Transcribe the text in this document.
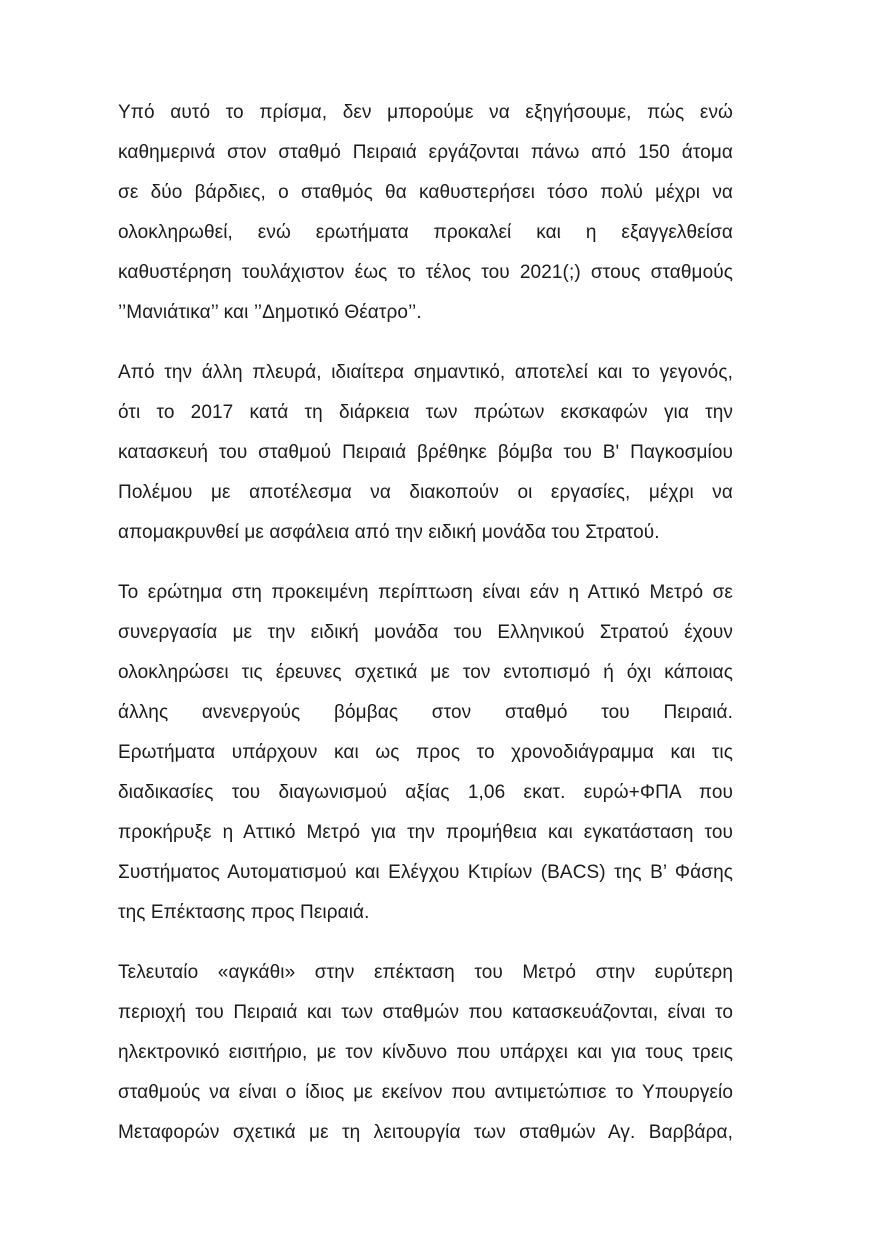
Υπό αυτό το πρίσμα, δεν μπορούμε να εξηγήσουμε, πώς ενώ
καθημερινά στον σταθμό Πειραιά εργάζονται πάνω από 150 άτομα
σε δύο βάρδιες, ο σταθμός θα καθυστερήσει τόσο πολύ μέχρι να
ολοκληρωθεί, ενώ ερωτήματα προκαλεί και η εξαγγελθείσα
καθυστέρηση τουλάχιστον έως το τέλος του 2021(;) στους σταθμούς
’’Μανιάτικα’’ και ’’Δημοτικό Θέατρο’’.
Από την άλλη πλευρά, ιδιαίτερα σημαντικό, αποτελεί και το γεγονός,
ότι το 2017 κατά τη διάρκεια των πρώτων εκσκαφών για την
κατασκευή του σταθμού Πειραιά βρέθηκε βόμβα του Β' Παγκοσμίου
Πολέμου με αποτέλεσμα να διακοπούν οι εργασίες, μέχρι να
απομακρυνθεί με ασφάλεια από την ειδική μονάδα του Στρατού.
Το ερώτημα στη προκειμένη περίπτωση είναι εάν η Αττικό Μετρό σε
συνεργασία με την ειδική μονάδα του Ελληνικού Στρατού έχουν
ολοκληρώσει τις έρευνες σχετικά με τον εντοπισμό ή όχι κάποιας
άλλης ανενεργούς βόμβας στον σταθμό του Πειραιά.
Ερωτήματα υπάρχουν και ως προς το χρονοδιάγραμμα και τις
διαδικασίες του διαγωνισμού αξίας 1,06 εκατ. ευρώ+ΦΠΑ που
προκήρυξε η Αττικό Μετρό για την προμήθεια και εγκατάσταση του
Συστήματος Αυτοματισμού και Ελέγχου Κτιρίων (BACS) της Β’ Φάσης
της Επέκτασης προς Πειραιά.
Τελευταίο «αγκάθι» στην επέκταση του Μετρό στην ευρύτερη
περιοχή του Πειραιά και των σταθμών που κατασκευάζονται, είναι το
ηλεκτρονικό εισιτήριο, με τον κίνδυνο που υπάρχει και για τους τρεις
σταθμούς να είναι ο ίδιος με εκείνον που αντιμετώπισε το Υπουργείο
Μεταφορών σχετικά με τη λειτουργία των σταθμών Αγ. Βαρβάρα,
